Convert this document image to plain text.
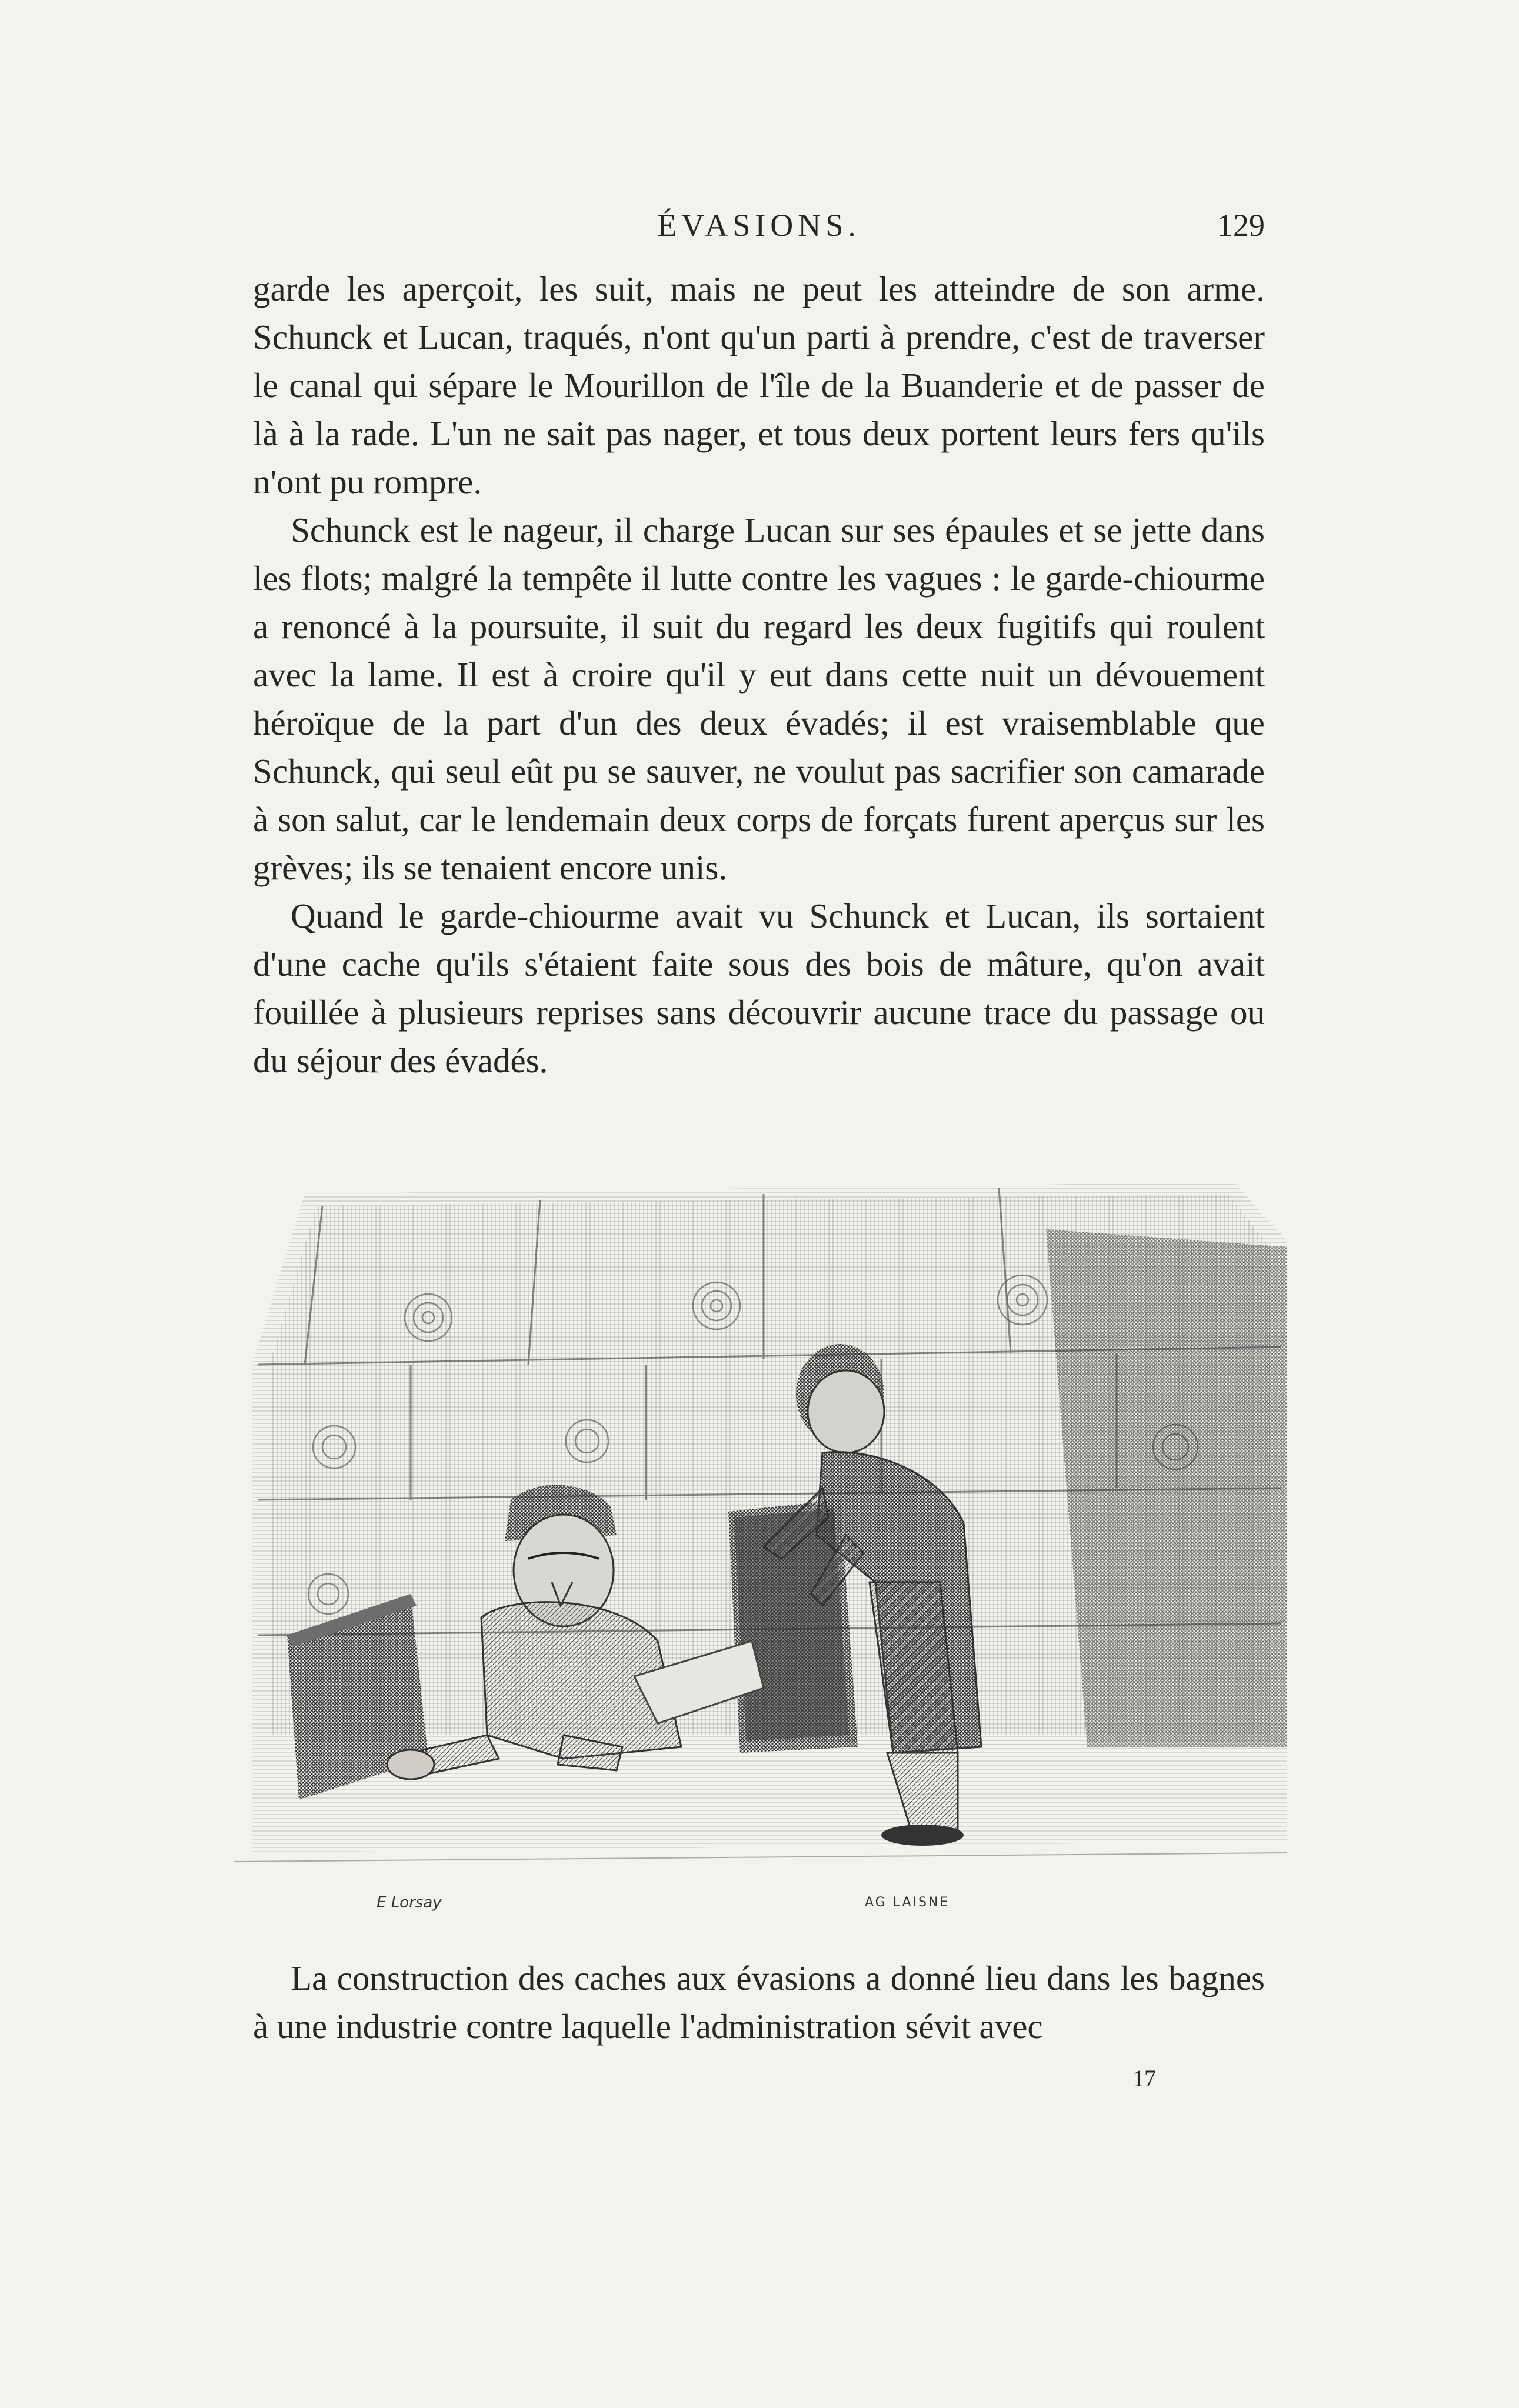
ÉVASIONS.	129

garde les aperçoit, les suit, mais ne peut les atteindre de son arme. Schunck et Lucan, traqués, n'ont qu'un parti à prendre, c'est de traverser le canal qui sépare le Mourillon de l'île de la Buanderie et de passer de là à la rade. L'un ne sait pas nager, et tous deux portent leurs fers qu'ils n'ont pu rompre.

Schunck est le nageur, il charge Lucan sur ses épaules et se jette dans les flots; malgré la tempête il lutte contre les vagues : le garde-chiourme a renoncé à la poursuite, il suit du regard les deux fugitifs qui roulent avec la lame. Il est à croire qu'il y eut dans cette nuit un dévouement héroïque de la part d'un des deux évadés; il est vraisemblable que Schunck, qui seul eût pu se sauver, ne voulut pas sacrifier son camarade à son salut, car le lendemain deux corps de forçats furent aperçus sur les grèves; ils se tenaient encore unis.

Quand le garde-chiourme avait vu Schunck et Lucan, ils sortaient d'une cache qu'ils s'étaient faite sous des bois de mâture, qu'on avait fouillée à plusieurs reprises sans découvrir aucune trace du passage ou du séjour des évadés.

E Lorsay	AG LAISNE

La construction des caches aux évasions a donné lieu dans les bagnes à une industrie contre laquelle l'administration sévit avec

17
